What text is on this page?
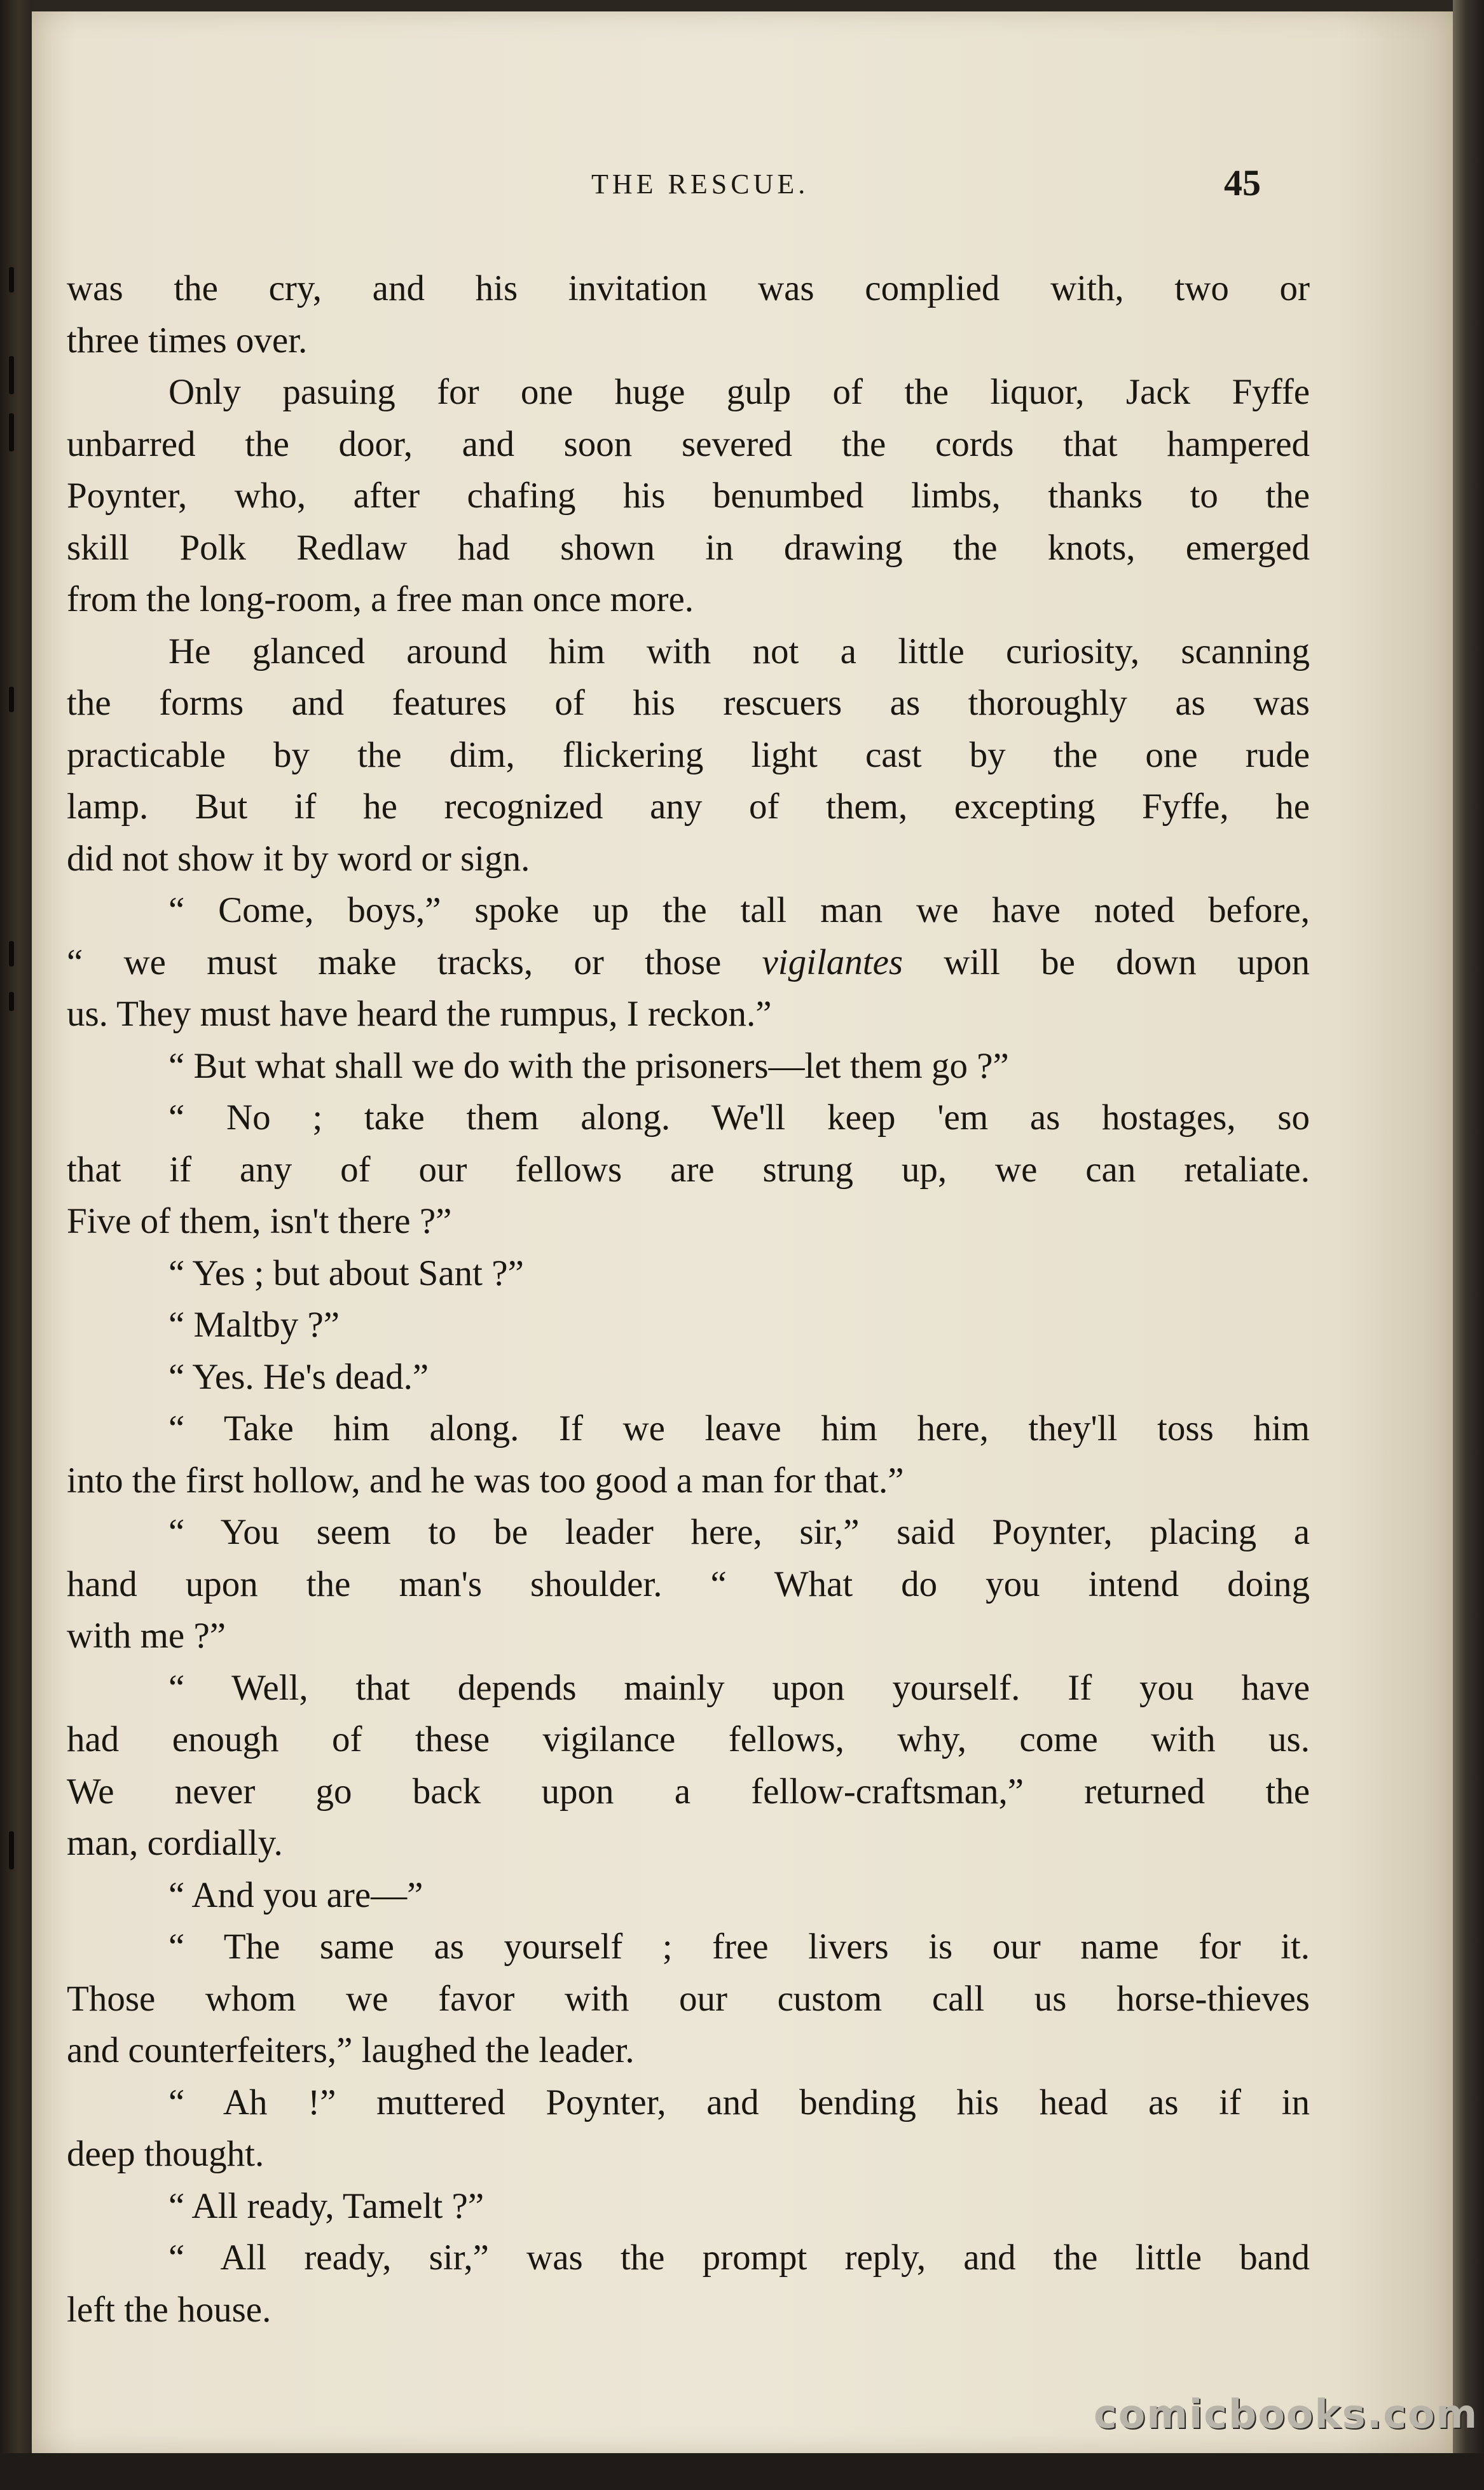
THE RESCUE.	45
was the cry, and his invitation was complied with, two or
three times over.
Only pasuing for one huge gulp of the liquor, Jack Fyffe
unbarred the door, and soon severed the cords that hampered
Poynter, who, after chafing his benumbed limbs, thanks to the
skill Polk Redlaw had shown in drawing the knots, emerged
from the long-room, a free man once more.
He glanced around him with not a little curiosity, scanning
the forms and features of his rescuers as thoroughly as was
practicable by the dim, flickering light cast by the one rude
lamp. But if he recognized any of them, excepting Fyffe, he
did not show it by word or sign.
“ Come, boys,” spoke up the tall man we have noted before,
“ we must make tracks, or those vigilantes will be down upon
us. They must have heard the rumpus, I reckon.”
“ But what shall we do with the prisoners—let them go ?”
“ No ; take them along. We'll keep 'em as hostages, so
that if any of our fellows are strung up, we can retaliate.
Five of them, isn't there ?”
“ Yes ; but about Sant ?”
“ Maltby ?”
“ Yes. He's dead.”
“ Take him along. If we leave him here, they'll toss him
into the first hollow, and he was too good a man for that.”
“ You seem to be leader here, sir,” said Poynter, placing a
hand upon the man's shoulder. “ What do you intend doing
with me ?”
“ Well, that depends mainly upon yourself. If you have
had enough of these vigilance fellows, why, come with us.
We never go back upon a fellow-craftsman,” returned the
man, cordially.
“ And you are—”
“ The same as yourself ; free livers is our name for it.
Those whom we favor with our custom call us horse-thieves
and counterfeiters,” laughed the leader.
“ Ah !” muttered Poynter, and bending his head as if in
deep thought.
“ All ready, Tamelt ?”
“ All ready, sir,” was the prompt reply, and the little band
left the house.
comicbooks.com
